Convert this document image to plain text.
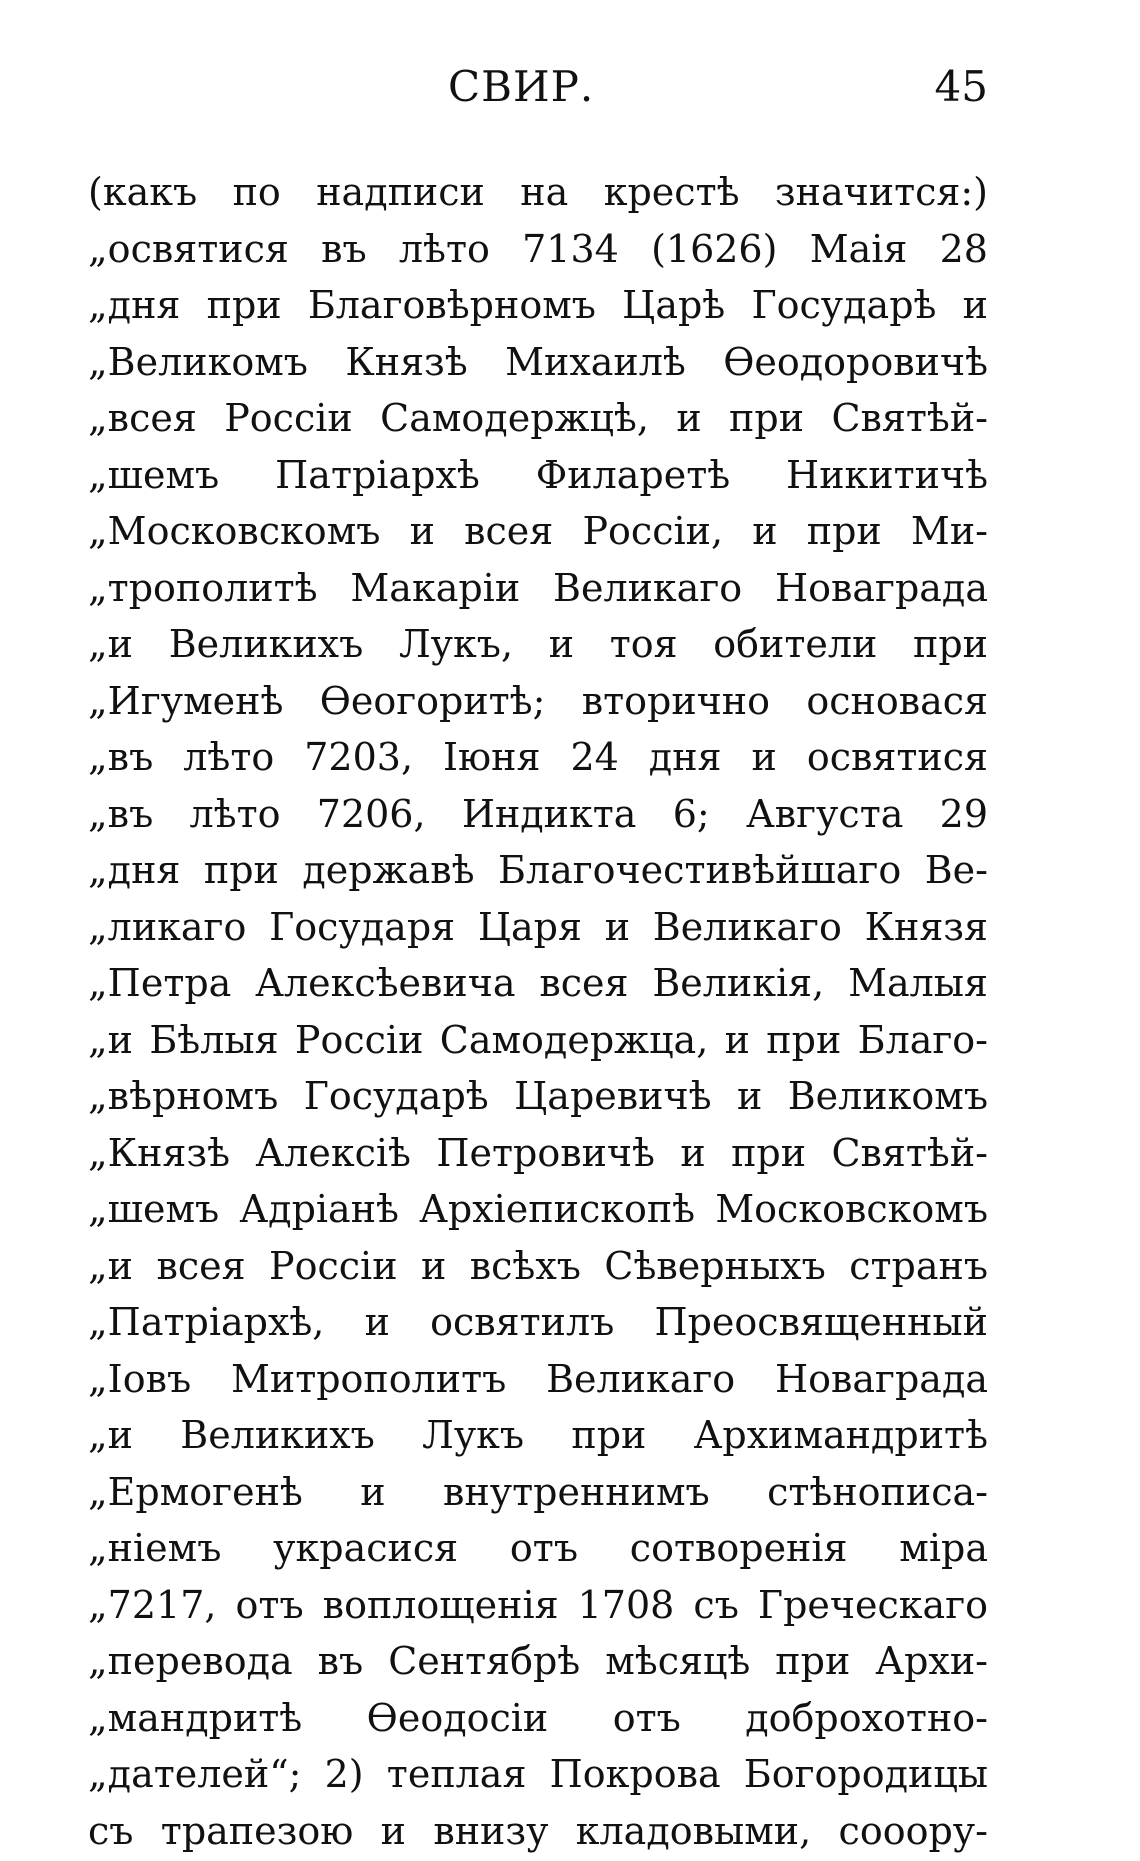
СВИР.	45
(какъ по надписи на крестѣ значится:)
„освятися въ лѣто 7134 (1626) Маія 28
„дня при Благовѣрномъ Царѣ Государѣ и
„Великомъ Князѣ Михаилѣ Ѳеодоровичѣ
„всея Россіи Самодержцѣ, и при Святѣй-
„шемъ Патріархѣ Филаретѣ Никитичѣ
„Московскомъ и всея Россіи, и при Ми-
„трополитѣ Макаріи Великаго Новаграда
„и Великихъ Лукъ, и тоя обители при
„Игуменѣ Ѳеогоритѣ; вторично основася
„въ лѣто 7203, Іюня 24 дня и освятися
„въ лѣто 7206, Индикта 6; Августа 29
„дня при державѣ Благочестивѣйшаго Ве-
„ликаго Государя Царя и Великаго Князя
„Петра Алексѣевича всея Великія, Малыя
„и Бѣлыя Россіи Самодержца, и при Благо-
„вѣрномъ Государѣ Царевичѣ и Великомъ
„Князѣ Алексіѣ Петровичѣ и при Святѣй-
„шемъ Адріанѣ Архіепископѣ Московскомъ
„и всея Россіи и всѣхъ Сѣверныхъ странъ
„Патріархѣ, и освятилъ Преосвященный
„Іовъ Митрополитъ Великаго Новаграда
„и Великихъ Лукъ при Архимандритѣ
„Ермогенѣ и внутреннимъ стѣнописа-
„ніемъ украсися отъ сотворенія міра
„7217, отъ воплощенія 1708 съ Греческаго
„перевода въ Сентябрѣ мѣсяцѣ при Архи-
„мандритѣ Ѳеодосіи отъ доброхотно-
„дателей“; 2) теплая Покрова Богородицы
съ трапезою и внизу кладовыми, сооору-
